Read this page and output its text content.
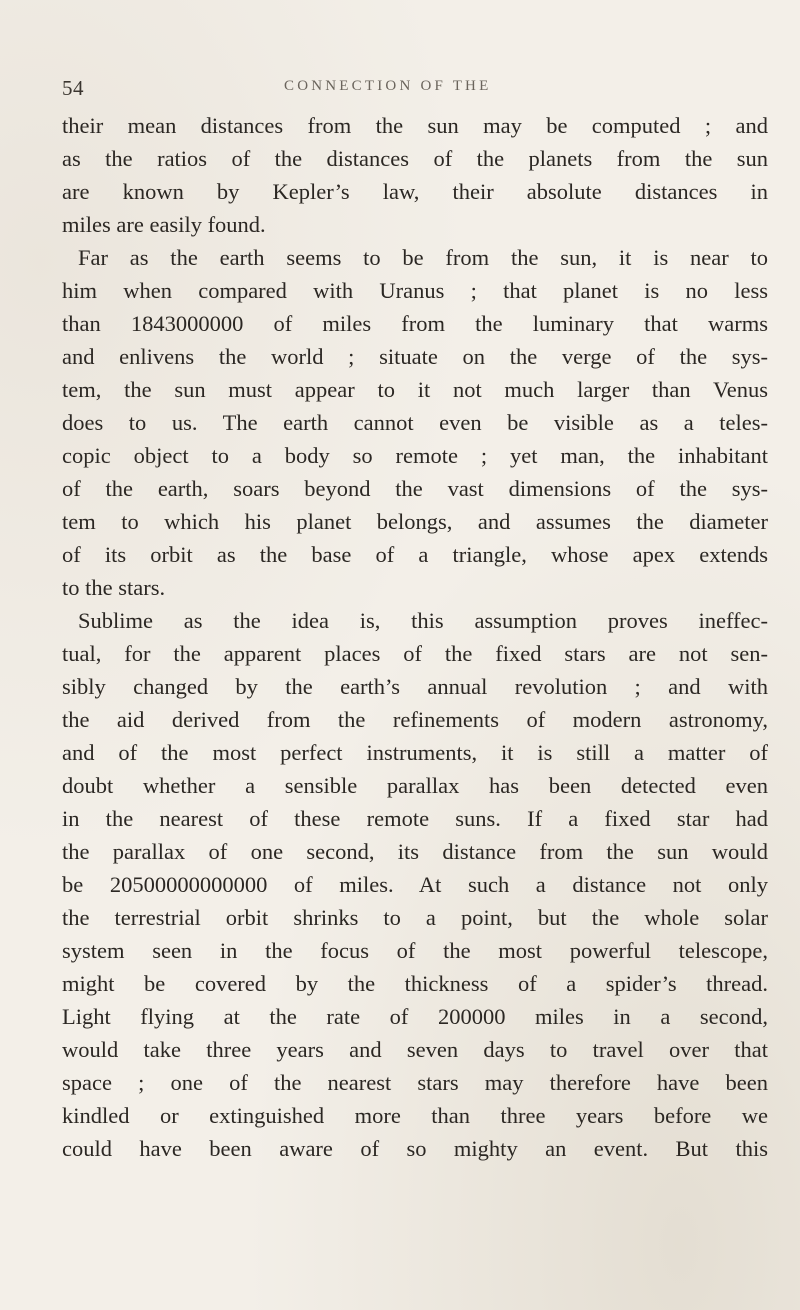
54	CONNECTION OF THE
their mean distances from the sun may be computed ; and
as the ratios of the distances of the planets from the sun
are known by Kepler’s law, their absolute distances in
miles are easily found.
Far as the earth seems to be from the sun, it is near to
him when compared with Uranus ; that planet is no less
than 1843000000 of miles from the luminary that warms
and enlivens the world ; situate on the verge of the sys-
tem, the sun must appear to it not much larger than Venus
does to us. The earth cannot even be visible as a teles-
copic object to a body so remote ; yet man, the inhabitant
of the earth, soars beyond the vast dimensions of the sys-
tem to which his planet belongs, and assumes the diameter
of its orbit as the base of a triangle, whose apex extends
to the stars.
Sublime as the idea is, this assumption proves ineffec-
tual, for the apparent places of the fixed stars are not sen-
sibly changed by the earth’s annual revolution ; and with
the aid derived from the refinements of modern astronomy,
and of the most perfect instruments, it is still a matter of
doubt whether a sensible parallax has been detected even
in the nearest of these remote suns. If a fixed star had
the parallax of one second, its distance from the sun would
be 20500000000000 of miles. At such a distance not only
the terrestrial orbit shrinks to a point, but the whole solar
system seen in the focus of the most powerful telescope,
might be covered by the thickness of a spider’s thread.
Light flying at the rate of 200000 miles in a second,
would take three years and seven days to travel over that
space ; one of the nearest stars may therefore have been
kindled or extinguished more than three years before we
could have been aware of so mighty an event. But this
